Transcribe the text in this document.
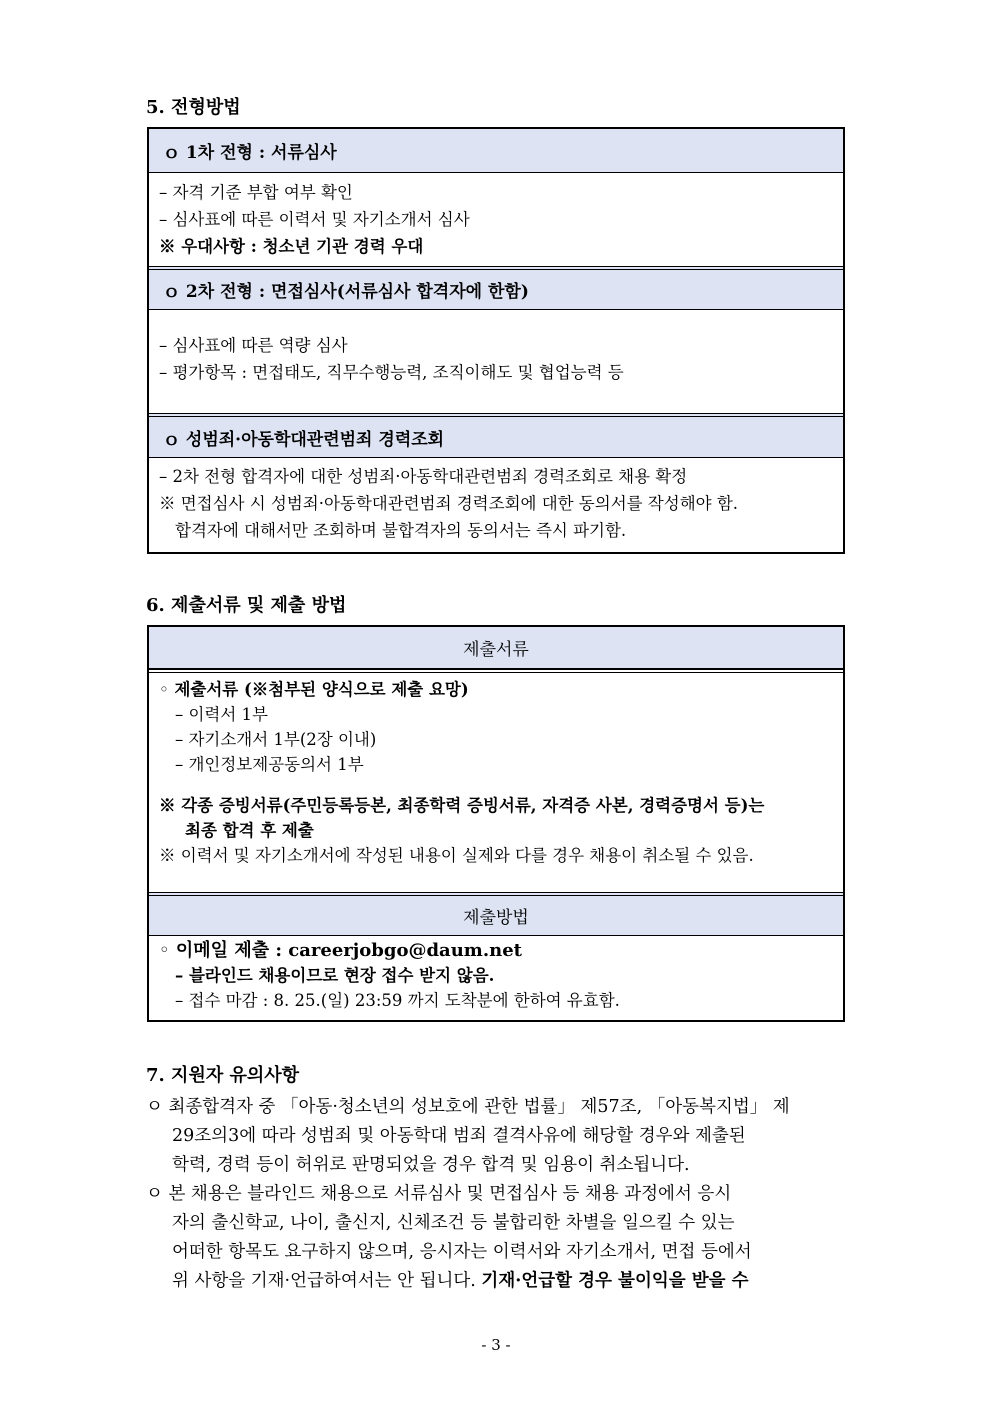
5. 전형방법
ｏ 1차 전형 : 서류심사
– 자격 기준 부합 여부 확인
– 심사표에 따른 이력서 및 자기소개서 심사
※ 우대사항 : 청소년 기관 경력 우대
ｏ 2차 전형 : 면접심사(서류심사 합격자에 한함)
– 심사표에 따른 역량 심사
– 평가항목 : 면접태도, 직무수행능력, 조직이해도 및 협업능력 등
ｏ 성범죄·아동학대관련범죄 경력조회
– 2차 전형 합격자에 대한 성범죄·아동학대관련범죄 경력조회로 채용 확정
※ 면접심사 시 성범죄·아동학대관련범죄 경력조회에 대한 동의서를 작성해야 함.
합격자에 대해서만 조회하며 불합격자의 동의서는 즉시 파기함.
6. 제출서류 및 제출 방법
제출서류
◦ 제출서류 (※첨부된 양식으로 제출 요망)
– 이력서 1부
– 자기소개서 1부(2장 이내)
– 개인정보제공동의서 1부
※ 각종 증빙서류(주민등록등본, 최종학력 증빙서류, 자격증 사본, 경력증명서 등)는
최종 합격 후 제출
※ 이력서 및 자기소개서에 작성된 내용이 실제와 다를 경우 채용이 취소될 수 있음.
제출방법
◦ 이메일 제출 : careerjobgo@daum.net
– 블라인드 채용이므로 현장 접수 받지 않음.
– 접수 마감 : 8. 25.(일) 23:59 까지 도착분에 한하여 유효함.
7. 지원자 유의사항
ㅇ 최종합격자 중 「아동·청소년의 성보호에 관한 법률」 제57조, 「아동복지법」 제
29조의3에 따라 성범죄 및 아동학대 범죄 결격사유에 해당할 경우와 제출된
학력, 경력 등이 허위로 판명되었을 경우 합격 및 임용이 취소됩니다.
ㅇ 본 채용은 블라인드 채용으로 서류심사 및 면접심사 등 채용 과정에서 응시
자의 출신학교, 나이, 출신지, 신체조건 등 불합리한 차별을 일으킬 수 있는
어떠한 항목도 요구하지 않으며, 응시자는 이력서와 자기소개서, 면접 등에서
위 사항을 기재·언급하여서는 안 됩니다. 기재·언급할 경우 불이익을 받을 수
- 3 -
